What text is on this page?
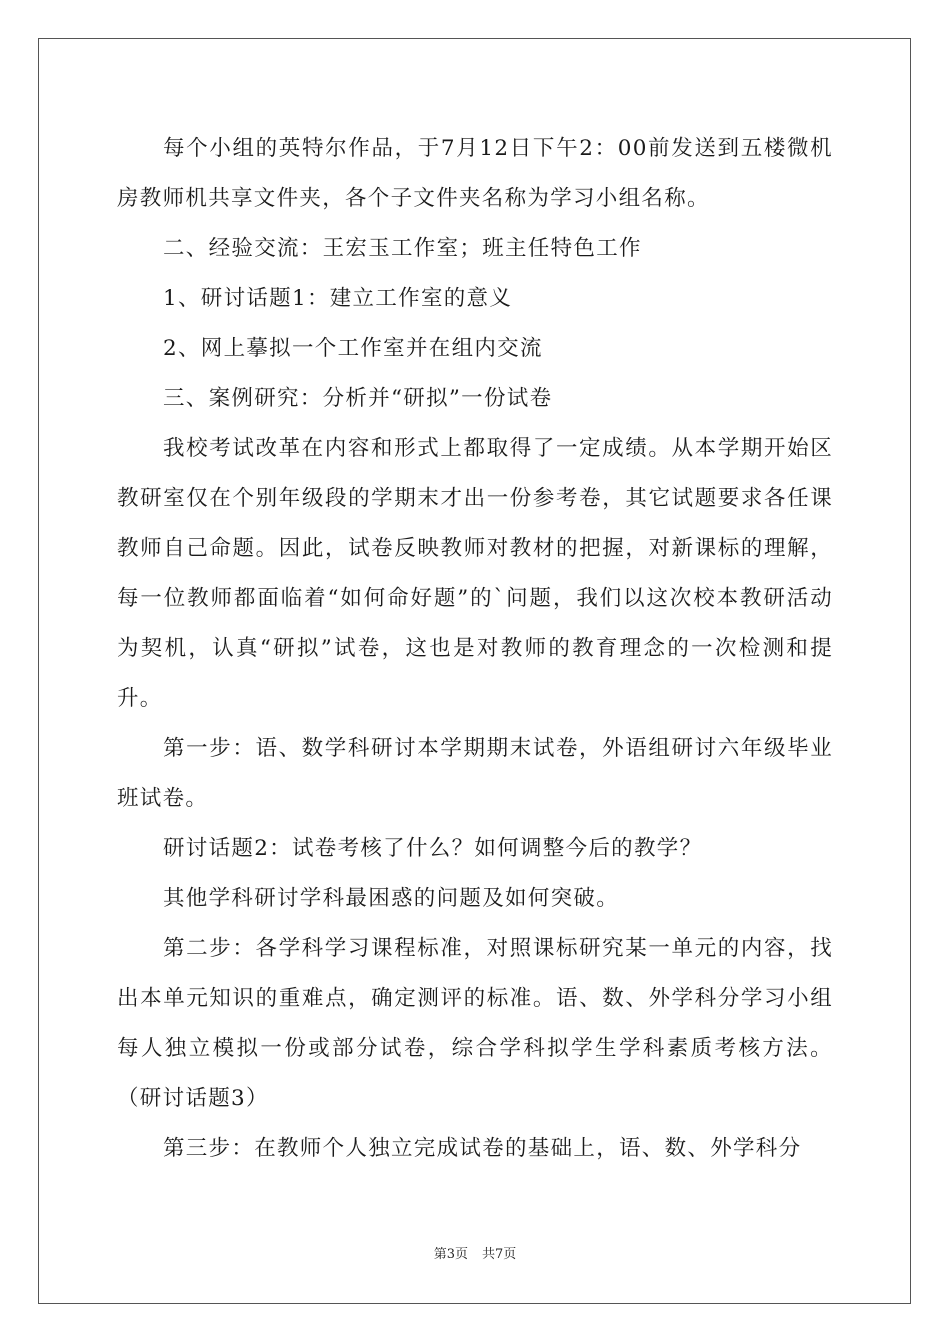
每个小组的英特尔作品，于7月12日下午2：00前发送到五楼微机房教师机共享文件夹，各个子文件夹名称为学习小组名称。

二、经验交流：王宏玉工作室；班主任特色工作

1、研讨话题1：建立工作室的意义

2、网上摹拟一个工作室并在组内交流

三、案例研究：分析并“研拟”一份试卷

我校考试改革在内容和形式上都取得了一定成绩。从本学期开始区教研室仅在个别年级段的学期末才出一份参考卷，其它试题要求各任课教师自己命题。因此，试卷反映教师对教材的把握，对新课标的理解，每一位教师都面临着“如何命好题”的`问题，我们以这次校本教研活动为契机，认真“研拟”试卷，这也是对教师的教育理念的一次检测和提升。

第一步：语、数学科研讨本学期期末试卷，外语组研讨六年级毕业班试卷。

研讨话题2：试卷考核了什么？如何调整今后的教学？

其他学科研讨学科最困惑的问题及如何突破。

第二步：各学科学习课程标准，对照课标研究某一单元的内容，找出本单元知识的重难点，确定测评的标准。语、数、外学科分学习小组每人独立模拟一份或部分试卷，综合学科拟学生学科素质考核方法。（研讨话题3）

第三步：在教师个人独立完成试卷的基础上，语、数、外学科分

第3页 共7页
